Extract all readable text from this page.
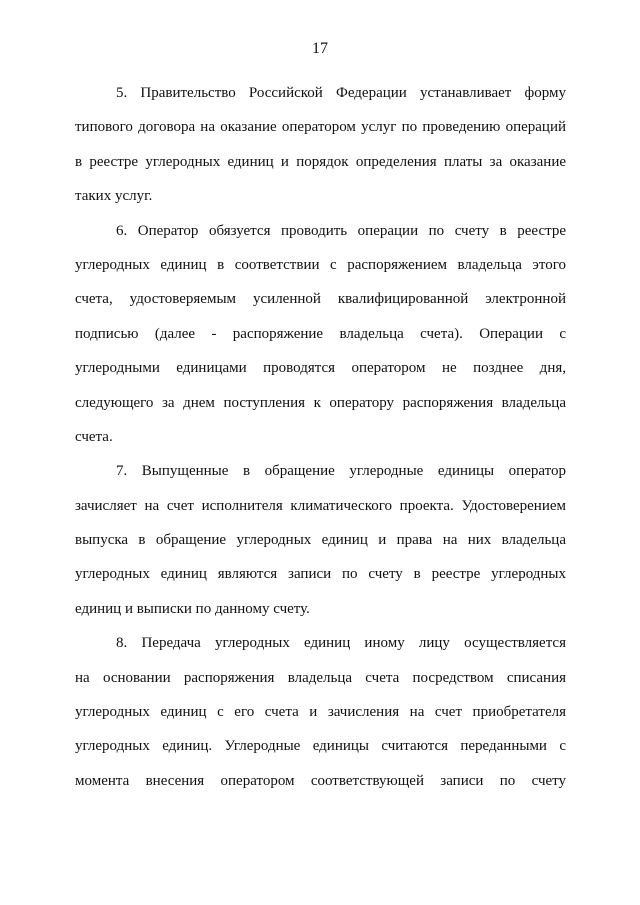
17

5. Правительство Российской Федерации устанавливает форму
типового договора на оказание оператором услуг по проведению операций
в реестре углеродных единиц и порядок определения платы за оказание
таких услуг.

6. Оператор обязуется проводить операции по счету в реестре
углеродных единиц в соответствии с распоряжением владельца этого
счета, удостоверяемым усиленной квалифицированной электронной
подписью (далее - распоряжение владельца счета). Операции с
углеродными единицами проводятся оператором не позднее дня,
следующего за днем поступления к оператору распоряжения владельца
счета.

7. Выпущенные в обращение углеродные единицы оператор
зачисляет на счет исполнителя климатического проекта. Удостоверением
выпуска в обращение углеродных единиц и права на них владельца
углеродных единиц являются записи по счету в реестре углеродных
единиц и выписки по данному счету.

8. Передача углеродных единиц иному лицу осуществляется
на основании распоряжения владельца счета посредством списания
углеродных единиц с его счета и зачисления на счет приобретателя
углеродных единиц. Углеродные единицы считаются переданными с
момента внесения оператором соответствующей записи по счету
